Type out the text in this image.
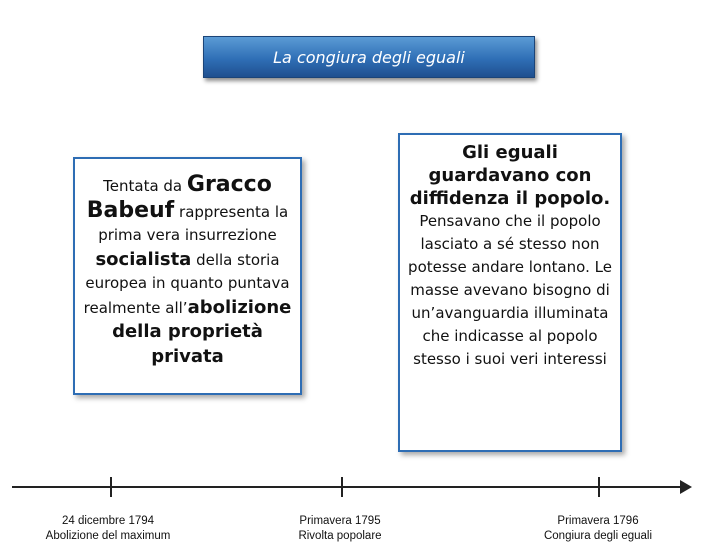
La congiura degli eguali
Tentata da Gracco Babeuf rappresenta la prima vera insurrezione socialista della storia europea in quanto puntava realmente all’abolizione della proprietà privata
Gli eguali guardavano con diffidenza il popolo.
Pensavano che il popolo lasciato a sé stesso non potesse andare lontano. Le masse avevano bisogno di un’avanguardia illuminata che indicasse al popolo stesso i suoi veri interessi
24 dicembre 1794
Abolizione del maximum
Primavera 1795
Rivolta popolare
Primavera 1796
Congiura degli eguali
